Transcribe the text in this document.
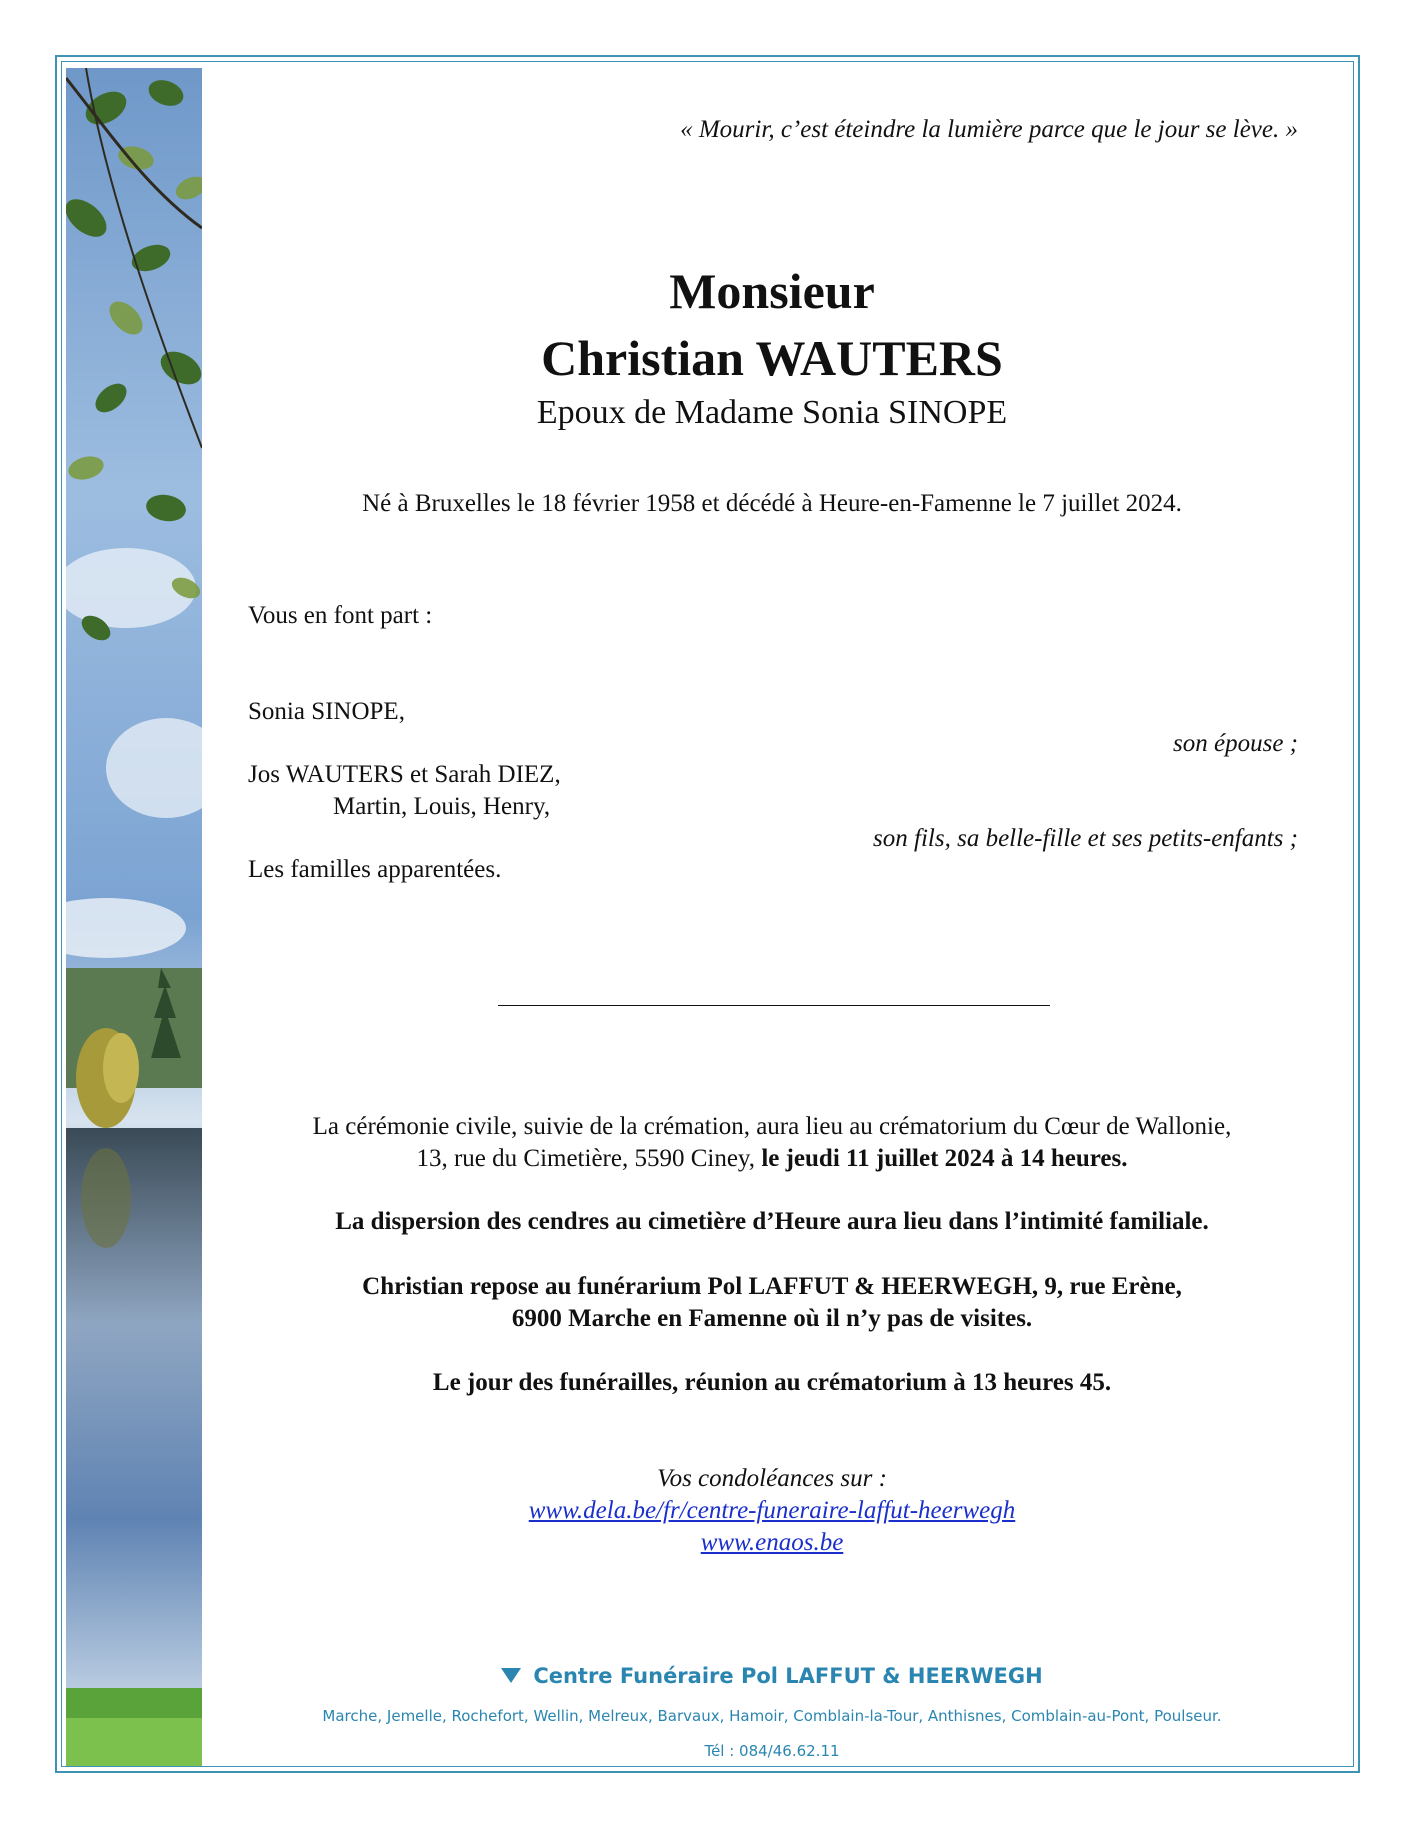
« Mourir, c’est éteindre la lumière parce que le jour se lève. »

Monsieur

Christian WAUTERS

Epoux de Madame Sonia SINOPE

Né à Bruxelles le 18 février 1958 et décédé à Heure-en-Famenne le 7 juillet 2024.

Vous en font part :

Sonia SINOPE,

son épouse ;

Jos WAUTERS et Sarah DIEZ,

Martin, Louis, Henry,

son fils, sa belle-fille et ses petits-enfants ;

Les familles apparentées.

La cérémonie civile, suivie de la crémation, aura lieu au crématorium du Cœur de Wallonie,

13, rue du Cimetière, 5590 Ciney, le jeudi 11 juillet 2024 à 14 heures.

La dispersion des cendres au cimetière d’Heure aura lieu dans l’intimité familiale.

Christian repose au funérarium Pol LAFFUT & HEERWEGH, 9, rue Erène,

6900 Marche en Famenne où il n’y pas de visites.

Le jour des funérailles, réunion au crématorium à 13 heures 45.

Vos condoléances sur :

www.dela.be/fr/centre-funeraire-laffut-heerwegh

www.enaos.be

Centre Funéraire Pol LAFFUT & HEERWEGH

Marche, Jemelle, Rochefort, Wellin, Melreux, Barvaux, Hamoir, Comblain-la-Tour, Anthisnes, Comblain-au-Pont, Poulseur.

Tél : 084/46.62.11
